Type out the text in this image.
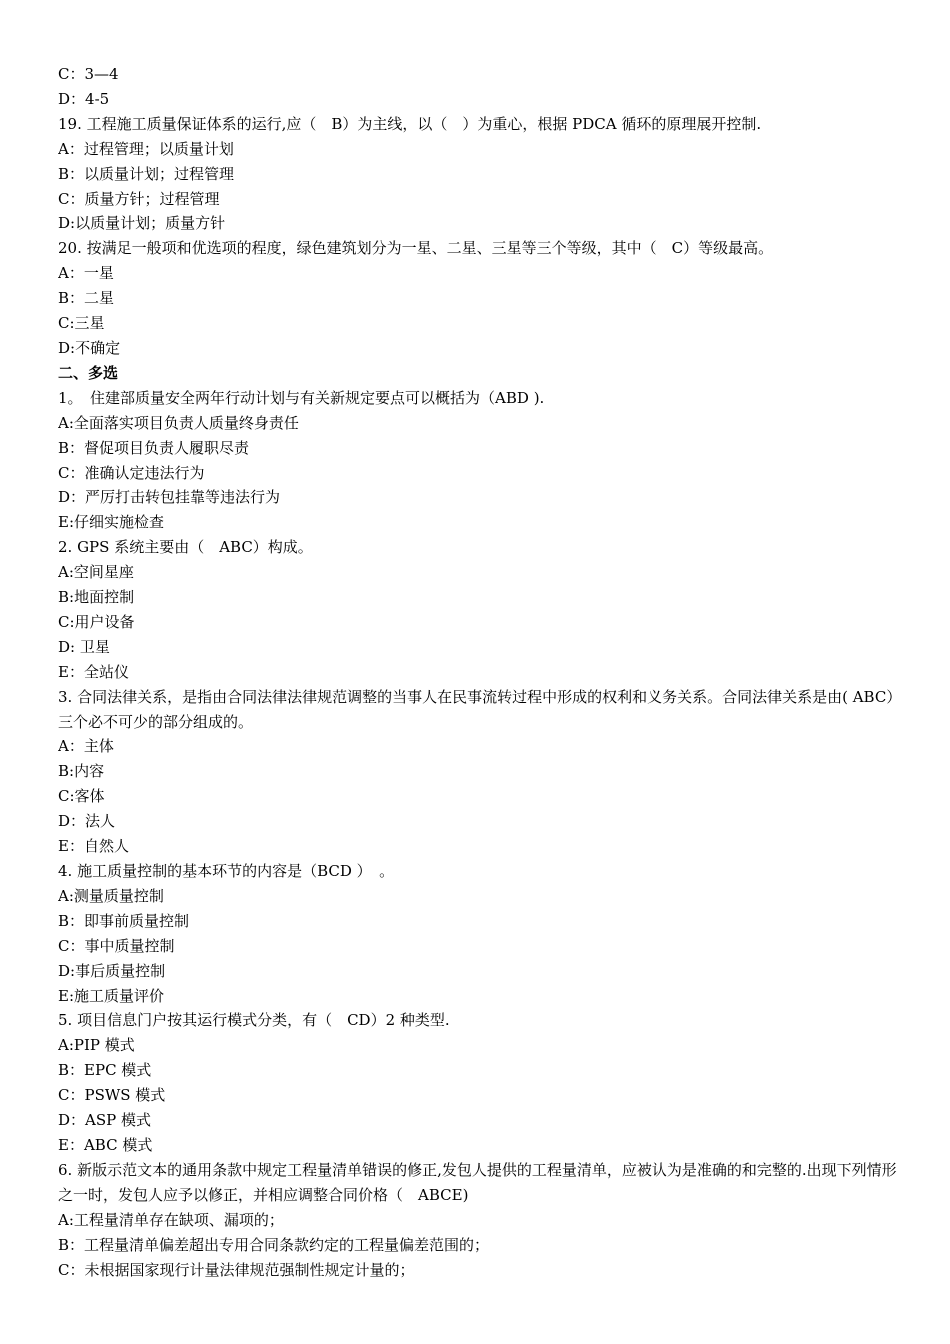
C：3—4
D：4-5
19. 工程施工质量保证体系的运行,应（　B）为主线，以（　）为重心，根据 PDCA 循环的原理展开控制.
A：过程管理；以质量计划
B：以质量计划；过程管理
C：质量方针；过程管理
D:以质量计划；质量方针
20. 按满足一般项和优选项的程度，绿色建筑划分为一星、二星、三星等三个等级，其中（　C）等级最高。
A：一星
B：二星
C:三星
D:不确定
二、多选
1。　住建部质量安全两年行动计划与有关新规定要点可以概括为（ABD ).
A:全面落实项目负责人质量终身责任
B：督促项目负责人履职尽责
C：准确认定违法行为
D：严厉打击转包挂靠等违法行为
E:仔细实施检查
2. GPS 系统主要由（　ABC）构成。
A:空间星座
B:地面控制
C:用户设备
D: 卫星
E：全站仪
3. 合同法律关系，是指由合同法律法律规范调整的当事人在民事流转过程中形成的权利和义务关系。合同法律关系是由( ABC）　三个必不可少的部分组成的。
A：主体
B:内容
C:客体
D：法人
E：自然人
4. 施工质量控制的基本环节的内容是（BCD ）　。
A:测量质量控制
B：即事前质量控制
C：事中质量控制
D:事后质量控制
E:施工质量评价
5. 项目信息门户按其运行模式分类，有（　CD）2 种类型.
A:PIP 模式
B：EPC 模式
C：PSWS 模式
D：ASP 模式
E：ABC 模式
6. 新版示范文本的通用条款中规定工程量清单错误的修正,发包人提供的工程量清单，应被认为是准确的和完整的.出现下列情形之一时，发包人应予以修正，并相应调整合同价格（　ABCE)
A:工程量清单存在缺项、漏项的；
B：工程量清单偏差超出专用合同条款约定的工程量偏差范围的；
C：未根据国家现行计量法律规范强制性规定计量的；
